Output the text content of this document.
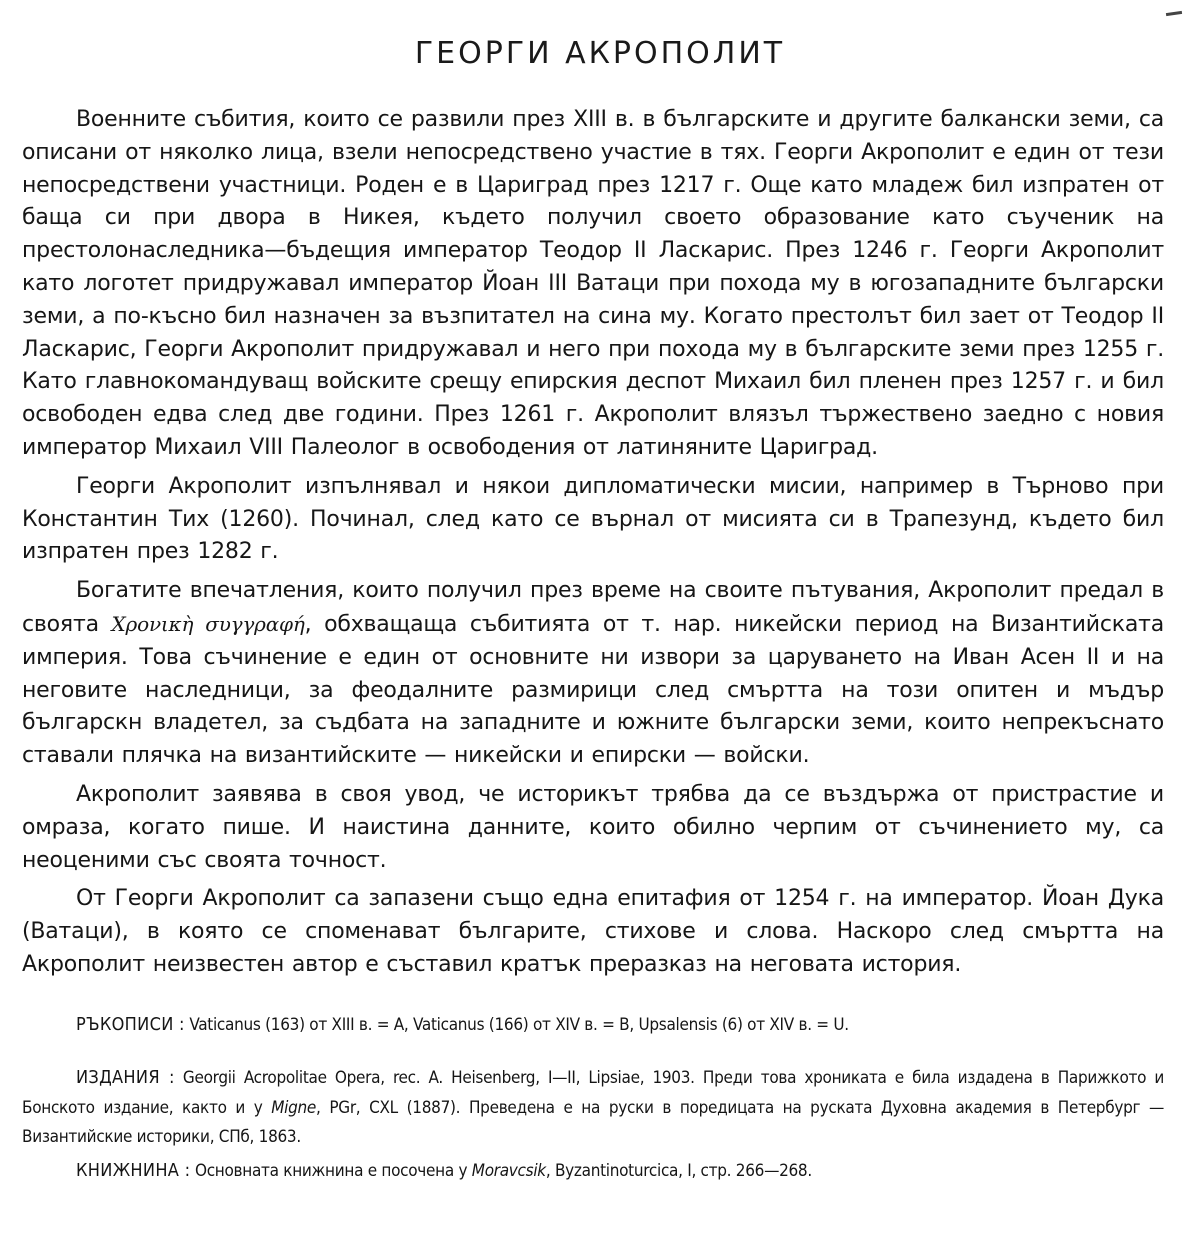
ГЕОРГИ АКРОПОЛИТ

Военните събития, които се развили през XIII в. в българските и другите балкански земи, са описани от няколко лица, взели непосредствено участие в тях. Георги Акрополит е един от тези непосредствени участници. Роден е в Цариград през 1217 г. Още като младеж бил изпратен от баща си при двора в Никея, където получил своето образование като съученик на престолонаследника—бъдещия император Теодор II Ласкарис. През 1246 г. Георги Акрополит като логотет придружавал император Йоан III Ватаци при похода му в югозападните български земи, а по-късно бил назначен за възпитател на сина му. Когато престолът бил зает от Теодор II Ласкарис, Георги Акрополит придружавал и него при похода му в българските земи през 1255 г. Като главнокомандуващ войските срещу епирския деспот Михаил бил пленен през 1257 г. и бил освободен едва след две години. През 1261 г. Акрополит влязъл тържествено заедно с новия император Михаил VIII Палеолог в освободения от латиняните Цариград.

Георги Акрополит изпълнявал и някои дипломатически мисии, например в Търново при Константин Тих (1260). Починал, след като се върнал от мисията си в Трапезунд, където бил изпратен през 1282 г.

Богатите впечатления, които получил през време на своите пътувания, Акрополит предал в своята Χρονικὴ συγγραφή, обхващаща събитията от т. нар. никейски период на Византийската империя. Това съчинение е един от основните ни извори за царуването на Иван Асен II и на неговите наследници, за феодалните размирици след смъртта на този опитен и мъдър българскн владетел, за съдбата на западните и южните български земи, които непрекъснато ставали плячка на византийските — никейски и епирски — войски.

Акрополит заявява в своя увод, че историкът трябва да се въздържа от пристрастие и омраза, когато пише. И наистина данните, които обилно черпим от съчинението му, са неоценими със своята точност.

От Георги Акрополит са запазени също една епитафия от 1254 г. на император. Йоан Дука (Ватаци), в която се споменават българите, стихове и слова. Наскоро след смъртта на Акрополит неизвестен автор е съставил кратък преразказ на неговата история.

РЪКОПИСИ : Vaticanus (163) от XIII в. = A, Vaticanus (166) от XIV в. = B, Upsalensis (6) от XIV в. = U.

ИЗДАНИЯ : Georgii Acropolitae Opera, rec. A. Heisenberg, I—II, Lipsiae, 1903. Преди това хрониката е била издадена в Парижкото и Бонското издание, както и у Migne, PGr, CXL (1887). Преведена е на руски в поредицата на руската Духовна академия в Петербург — Византийские историки, СПб, 1863.

КНИЖНИНА : Основната книжнина е посочена у Moravcsik, Byzantinoturcica, I, стр. 266—268.
